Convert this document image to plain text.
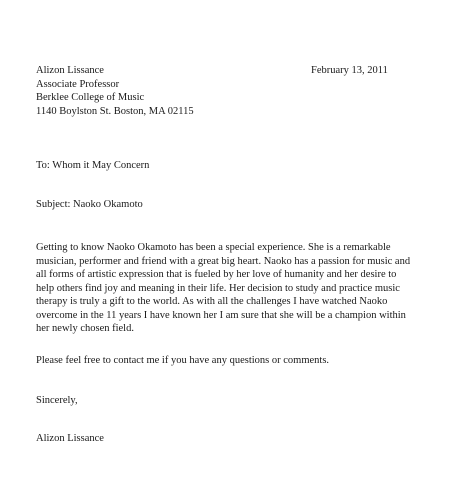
Alizon Lissance
Associate Professor
Berklee College of Music
1140 Boylston St. Boston, MA 02115
February 13, 2011
To: Whom it May Concern
Subject: Naoko Okamoto
Getting to know Naoko Okamoto has been a special experience. She is a remarkable
musician, performer and friend with a great big heart. Naoko has a passion for music and
all forms of artistic expression that is fueled by her love of humanity and her desire to
help others find joy and meaning in their life. Her decision to study and practice music
therapy is truly a gift to the world. As with all the challenges I have watched Naoko
overcome in the 11 years I have known her I am sure that she will be a champion within
her newly chosen field.
Please feel free to contact me if you have any questions or comments.
Sincerely,
Alizon Lissance
